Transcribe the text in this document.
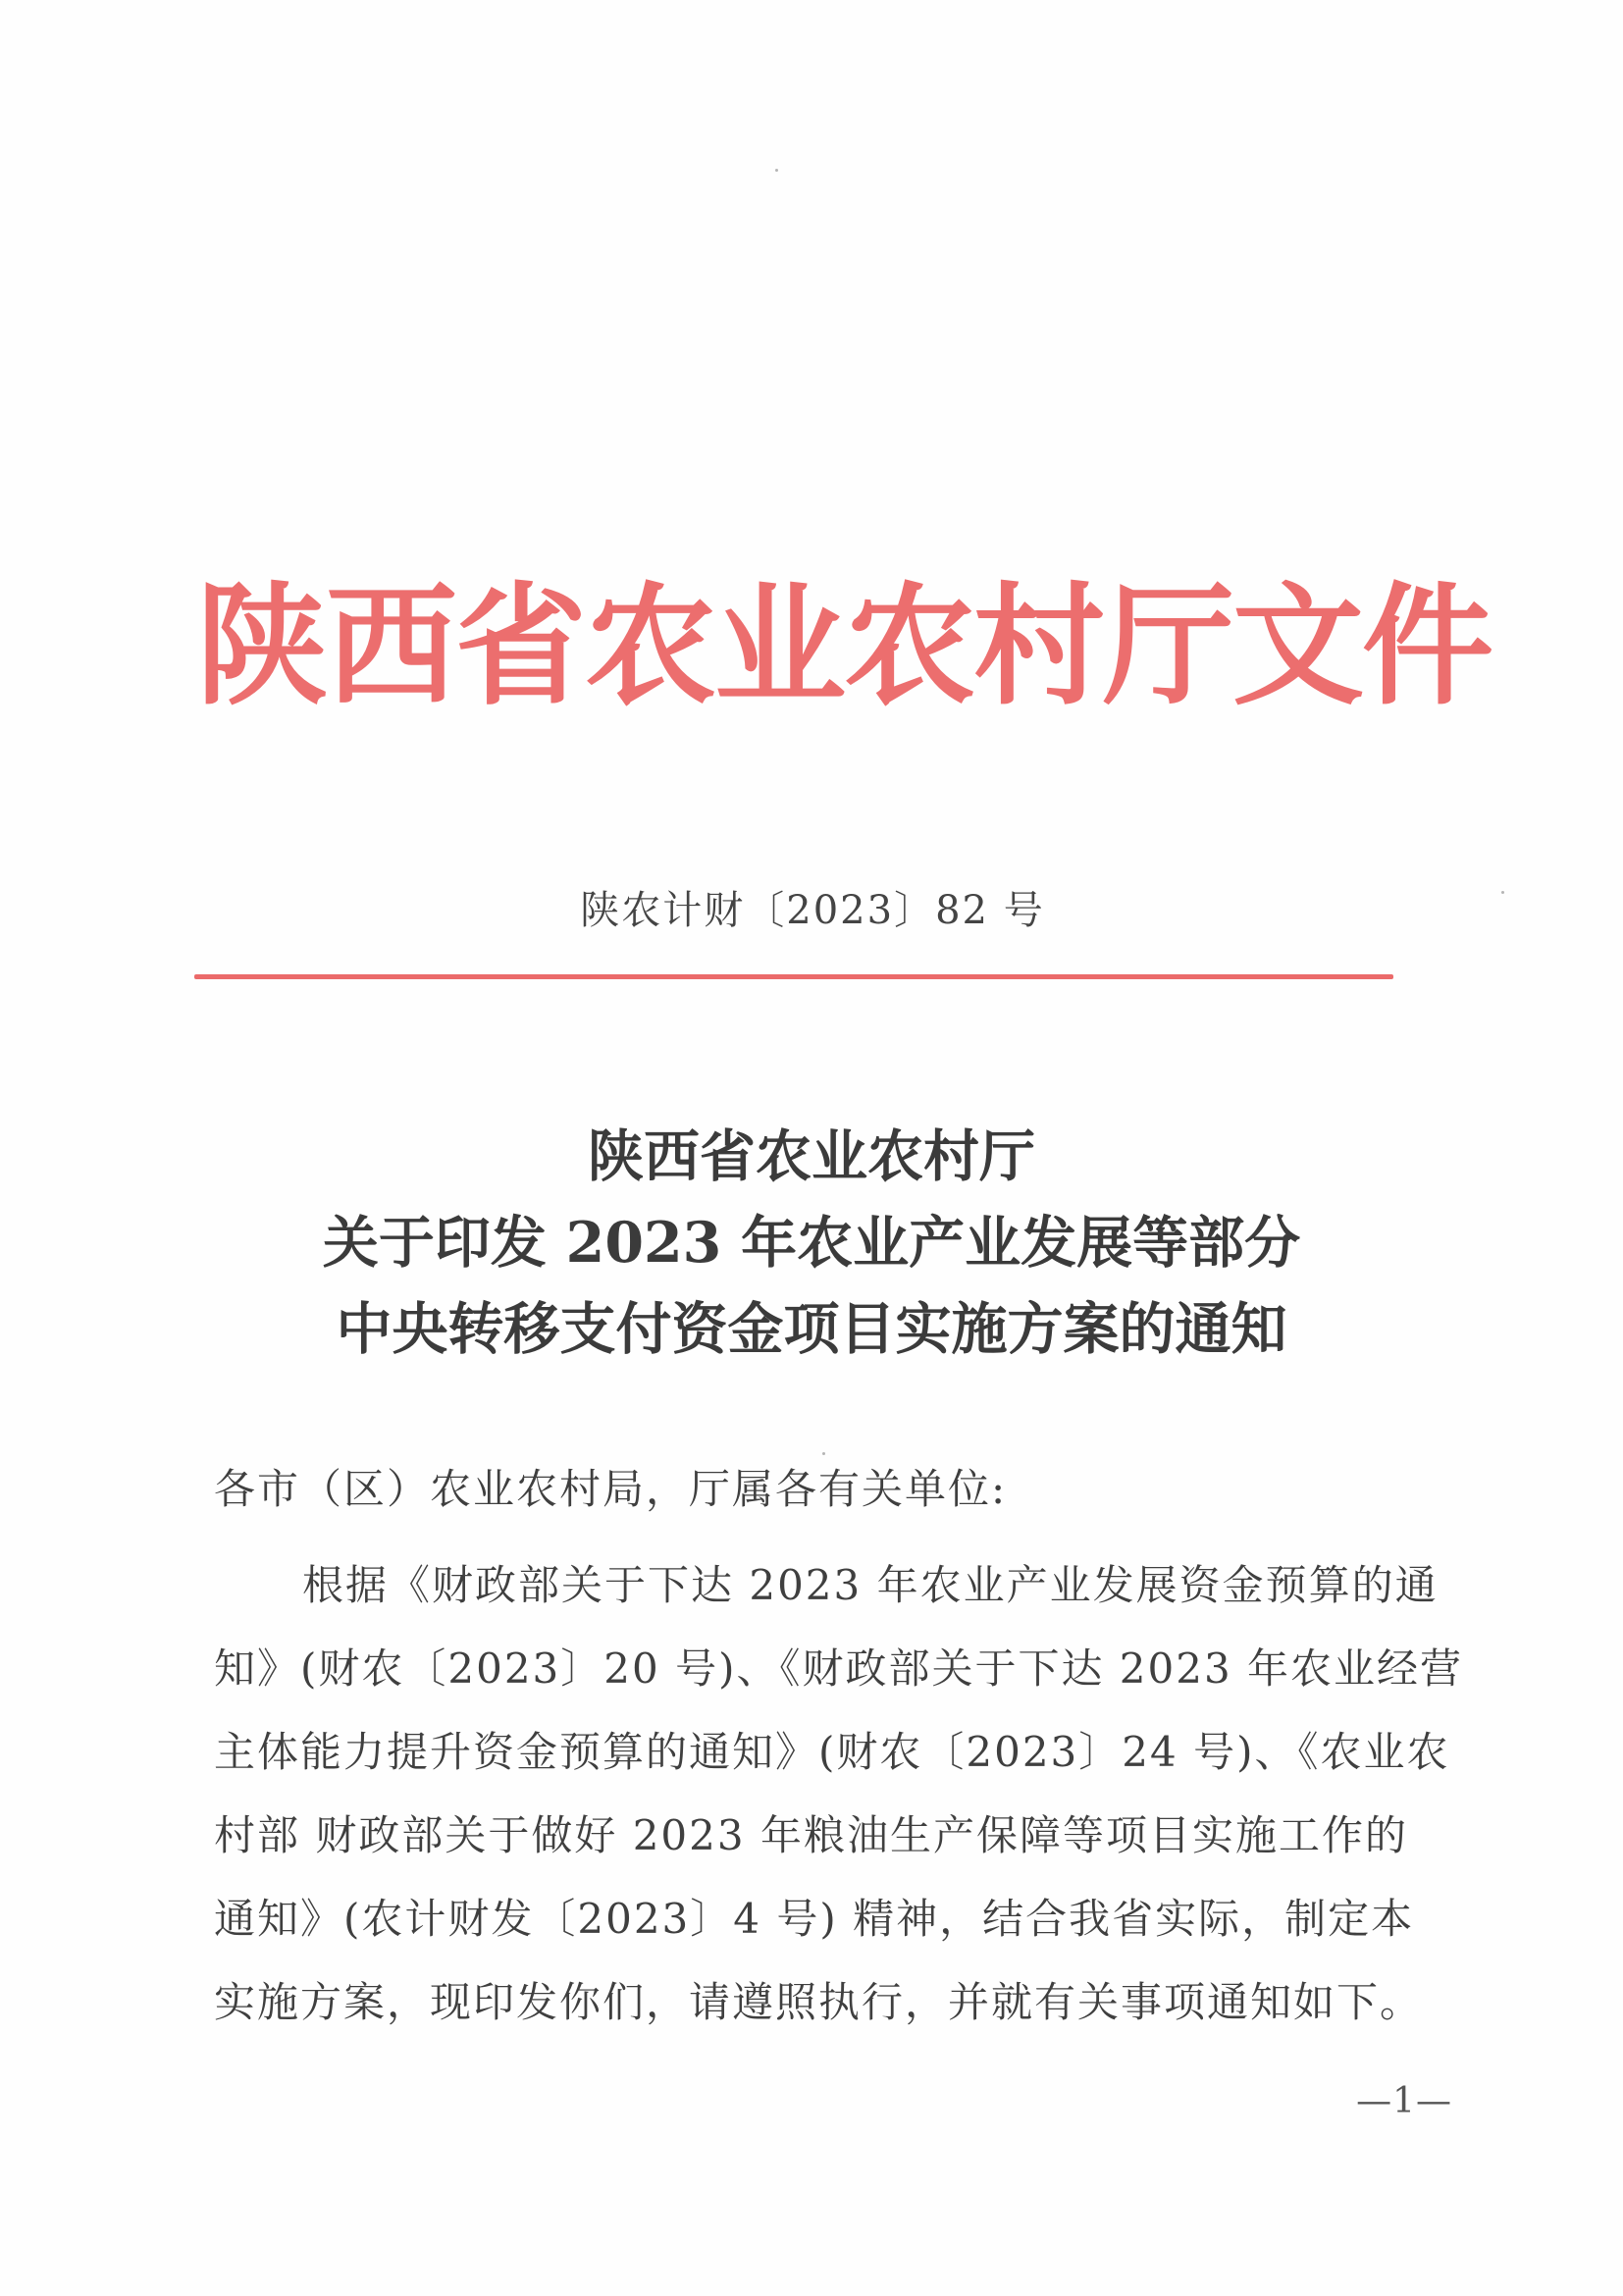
陕西省农业农村厅文件
陕农计财〔2023〕82 号
陕西省农业农村厅
关于印发 2023 年农业产业发展等部分
中央转移支付资金项目实施方案的通知
各市（区）农业农村局，厅属各有关单位:
根据《财政部关于下达 2023 年农业产业发展资金预算的通
知》(财农〔2023〕20 号)、《财政部关于下达 2023 年农业经营
主体能力提升资金预算的通知》(财农〔2023〕24 号)、《农业农
村部 财政部关于做好 2023 年粮油生产保障等项目实施工作的
通知》(农计财发〔2023〕4 号) 精神，结合我省实际，制定本
实施方案，现印发你们，请遵照执行，并就有关事项通知如下。
—1—
